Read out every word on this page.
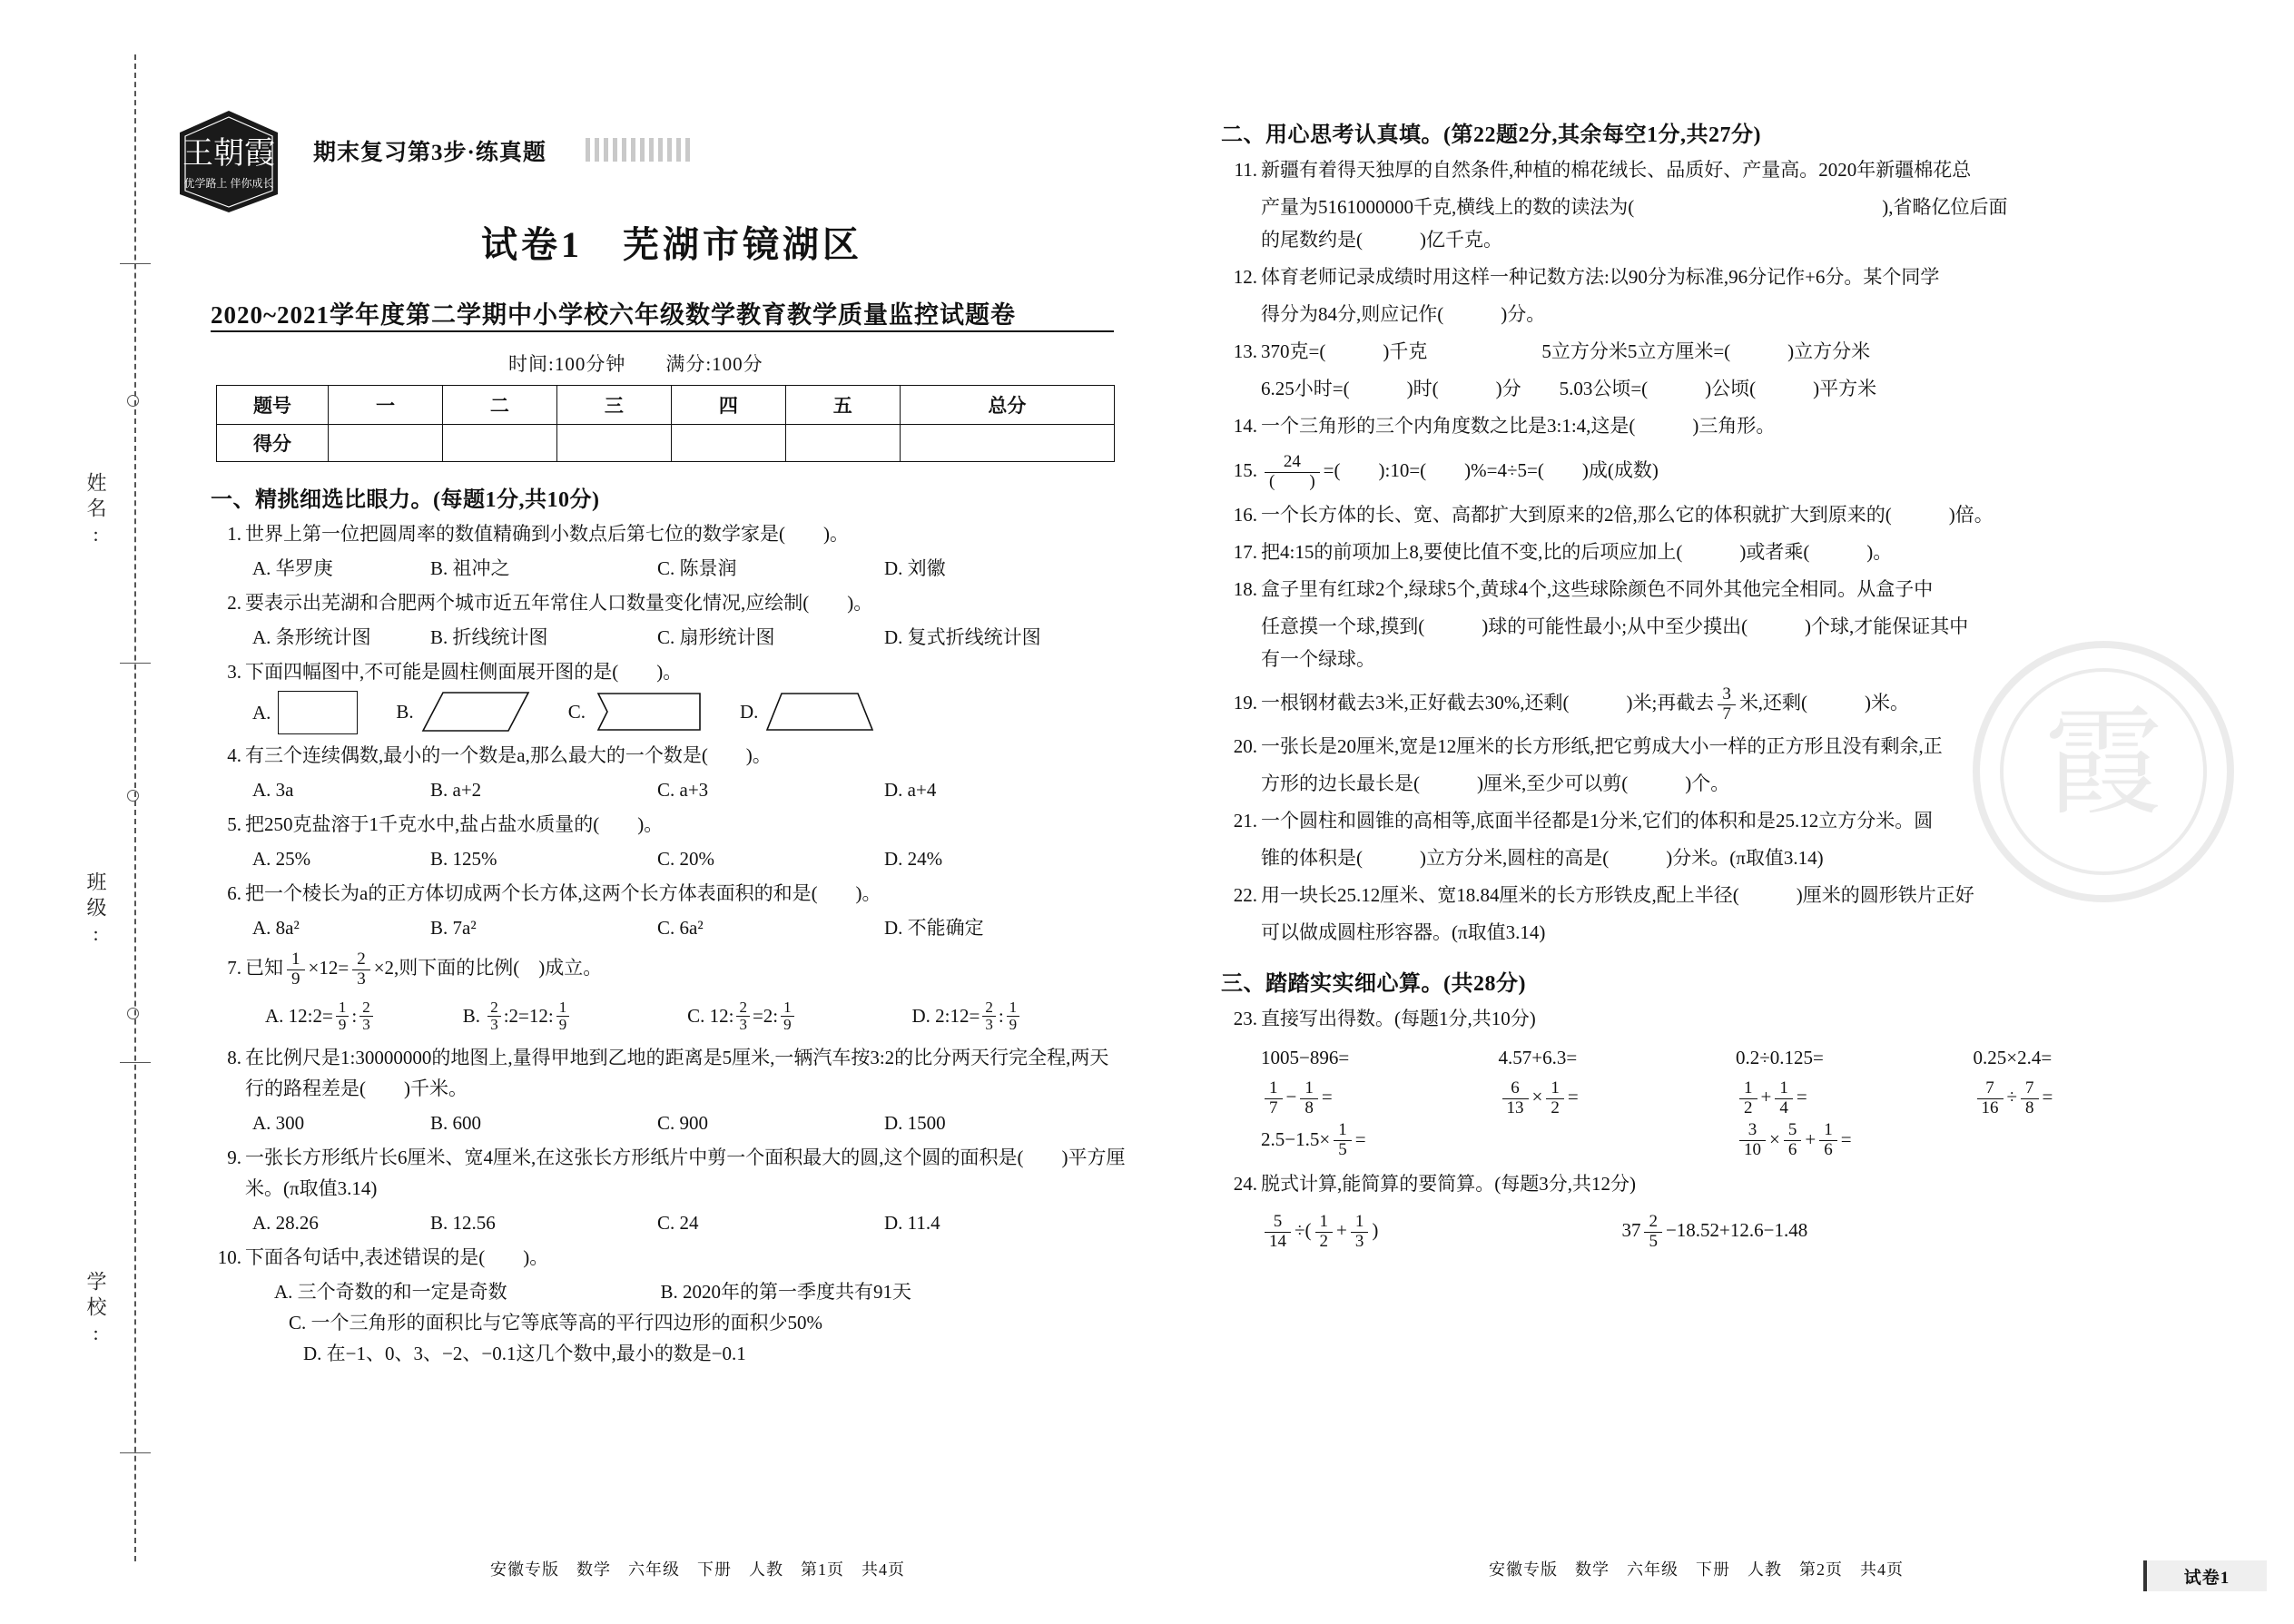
姓名:
班级:
学校:
王朝霞
优学路上 伴你成长
期末复习第3步·练真题
试卷1　芜湖市镜湖区
2020~2021学年度第二学期中小学校六年级数学教育教学质量监控试题卷
时间:100分钟　　满分:100分
题号	一	二	三	四	五	总分
得分						
一、精挑细选比眼力。(每题1分,共10分)
1. 世界上第一位把圆周率的数值精确到小数点后第七位的数学家是(　　)。
A. 华罗庚	B. 祖冲之	C. 陈景润	D. 刘徽
2. 要表示出芜湖和合肥两个城市近五年常住人口数量变化情况,应绘制(　　)。
A. 条形统计图	B. 折线统计图	C. 扇形统计图	D. 复式折线统计图
3. 下面四幅图中,不可能是圆柱侧面展开图的是(　　)。
A.	B.	C.	D.
4. 有三个连续偶数,最小的一个数是a,那么最大的一个数是(　　)。
A. 3a	B. a+2	C. a+3	D. a+4
5. 把250克盐溶于1千克水中,盐占盐水质量的(　　)。
A. 25%	B. 125%	C. 20%	D. 24%
6. 把一个棱长为a的正方体切成两个长方体,这两个长方体表面积的和是(　　)。
A. 8a²	B. 7a²	C. 6a²	D. 不能确定
7. 已知 $\frac{1}{9} \times 12= \frac{2}{3} \times 2$,则下面的比例(    )成立。
A. 12:2= $\frac{1}{9}$ : $\frac{2}{3}$	B. $\frac{2}{3}$ :2=12: $\frac{1}{9}$	C. 12: $\frac{2}{3} =2$: $\frac{1}{9}$	D. 2:12= $\frac{2}{3}$ : $\frac{1}{9}$
8. 在比例尺是1:30000000的地图上,量得甲地到乙地的距离是5厘米,一辆汽车按3:2的比分两天行完全程,两天行的路程差是(　　)千米。
A. 300	B. 600	C. 900	D. 1500
9. 一张长方形纸片长6厘米、宽4厘米,在这张长方形纸片中剪一个面积最大的圆,这个圆的面积是(　　)平方厘米。(π取值3.14)
A. 28.26	B. 12.56	C. 24	D. 11.4
10. 下面各句话中,表述错误的是(　　)。
A. 三个奇数的和一定是奇数	B. 2020年的第一季度共有91天
C. 一个三角形的面积比与它等底等高的平行四边形的面积少50%
D. 在−1、0、3、−2、−0.1这几个数中,最小的数是−0.1
二、用心思考认真填。(第22题2分,其余每空1分,共27分)
11. 新疆有着得天独厚的自然条件,种植的棉花绒长、品质好、产量高。2020年新疆棉花总
产量为5161000000千克,横线上的数的读法为(　　　　　　　　　　　　　),省略亿位后面
的尾数约是(　　　)亿千克。
12. 体育老师记录成绩时用这样一种记数方法:以90分为标准,96分记作+6分。某个同学
得分为84分,则应记作(　　　)分。
13. 370克=(　　　)千克　　　　　　5立方分米5立方厘米=(　　　)立方分米
6.25小时=(　　　)时(　　　)分　　5.03公顷=(　　　)公顷(　　　)平方米
14. 一个三角形的三个内角度数之比是3:1:4,这是(　　　)三角形。
15.	24
(　　)
=(　　):10=(　　)%=4÷5=(　　)成(成数)
16. 一个长方体的长、宽、高都扩大到原来的2倍,那么它的体积就扩大到原来的(　　　)倍。
17. 把4:15的前项加上8,要使比值不变,比的后项应加上(　　　)或者乘(　　　)。
18. 盒子里有红球2个,绿球5个,黄球4个,这些球除颜色不同外其他完全相同。从盒子中
任意摸一个球,摸到(　　　)球的可能性最小;从中至少摸出(　　　)个球,才能保证其中
有一个绿球。
19. 一根钢材截去3米,正好截去30%,还剩(　　　)米;再截去 $\frac{3}{7}$ 米,还剩(　　　)米。
20. 一张长是20厘米,宽是12厘米的长方形纸,把它剪成大小一样的正方形且没有剩余,正
方形的边长最长是(　　　)厘米,至少可以剪(　　　)个。
21. 一个圆柱和圆锥的高相等,底面半径都是1分米,它们的体积和是25.12立方分米。圆
锥的体积是(　　　)立方分米,圆柱的高是(　　　)分米。(π取值3.14)
22. 用一块长25.12厘米、宽18.84厘米的长方形铁皮,配上半径(　　　)厘米的圆形铁片正好
可以做成圆柱形容器。(π取值3.14)
三、踏踏实实细心算。(共28分)
23. 直接写出得数。(每题1分,共10分)
1005−896=	4.57+6.3=	0.2÷0.125=	0.25×2.4=
$\frac{1}{7} - \frac{1}{8}$ =	$\frac{6}{13} \times \frac{1}{2}$ =	$\frac{1}{2} + \frac{1}{4}$ =	$\frac{7}{16} \div \frac{7}{8}$ =
$2.5-1.5\times \frac{1}{5}$ =	$\frac{3}{10} \times \frac{5}{6} + \frac{1}{6}$ =
24. 脱式计算,能简算的要简算。(每题3分,共12分)
$\frac{5}{14}$ ÷( $\frac{1}{2} + \frac{1}{3}$ )	$37 \frac{2}{5} -18.52+12.6-1.48$
霞
安徽专版　数学　六年级　下册　人教　第1页　共4页	安徽专版　数学　六年级　下册　人教　第2页　共4页	试卷1
